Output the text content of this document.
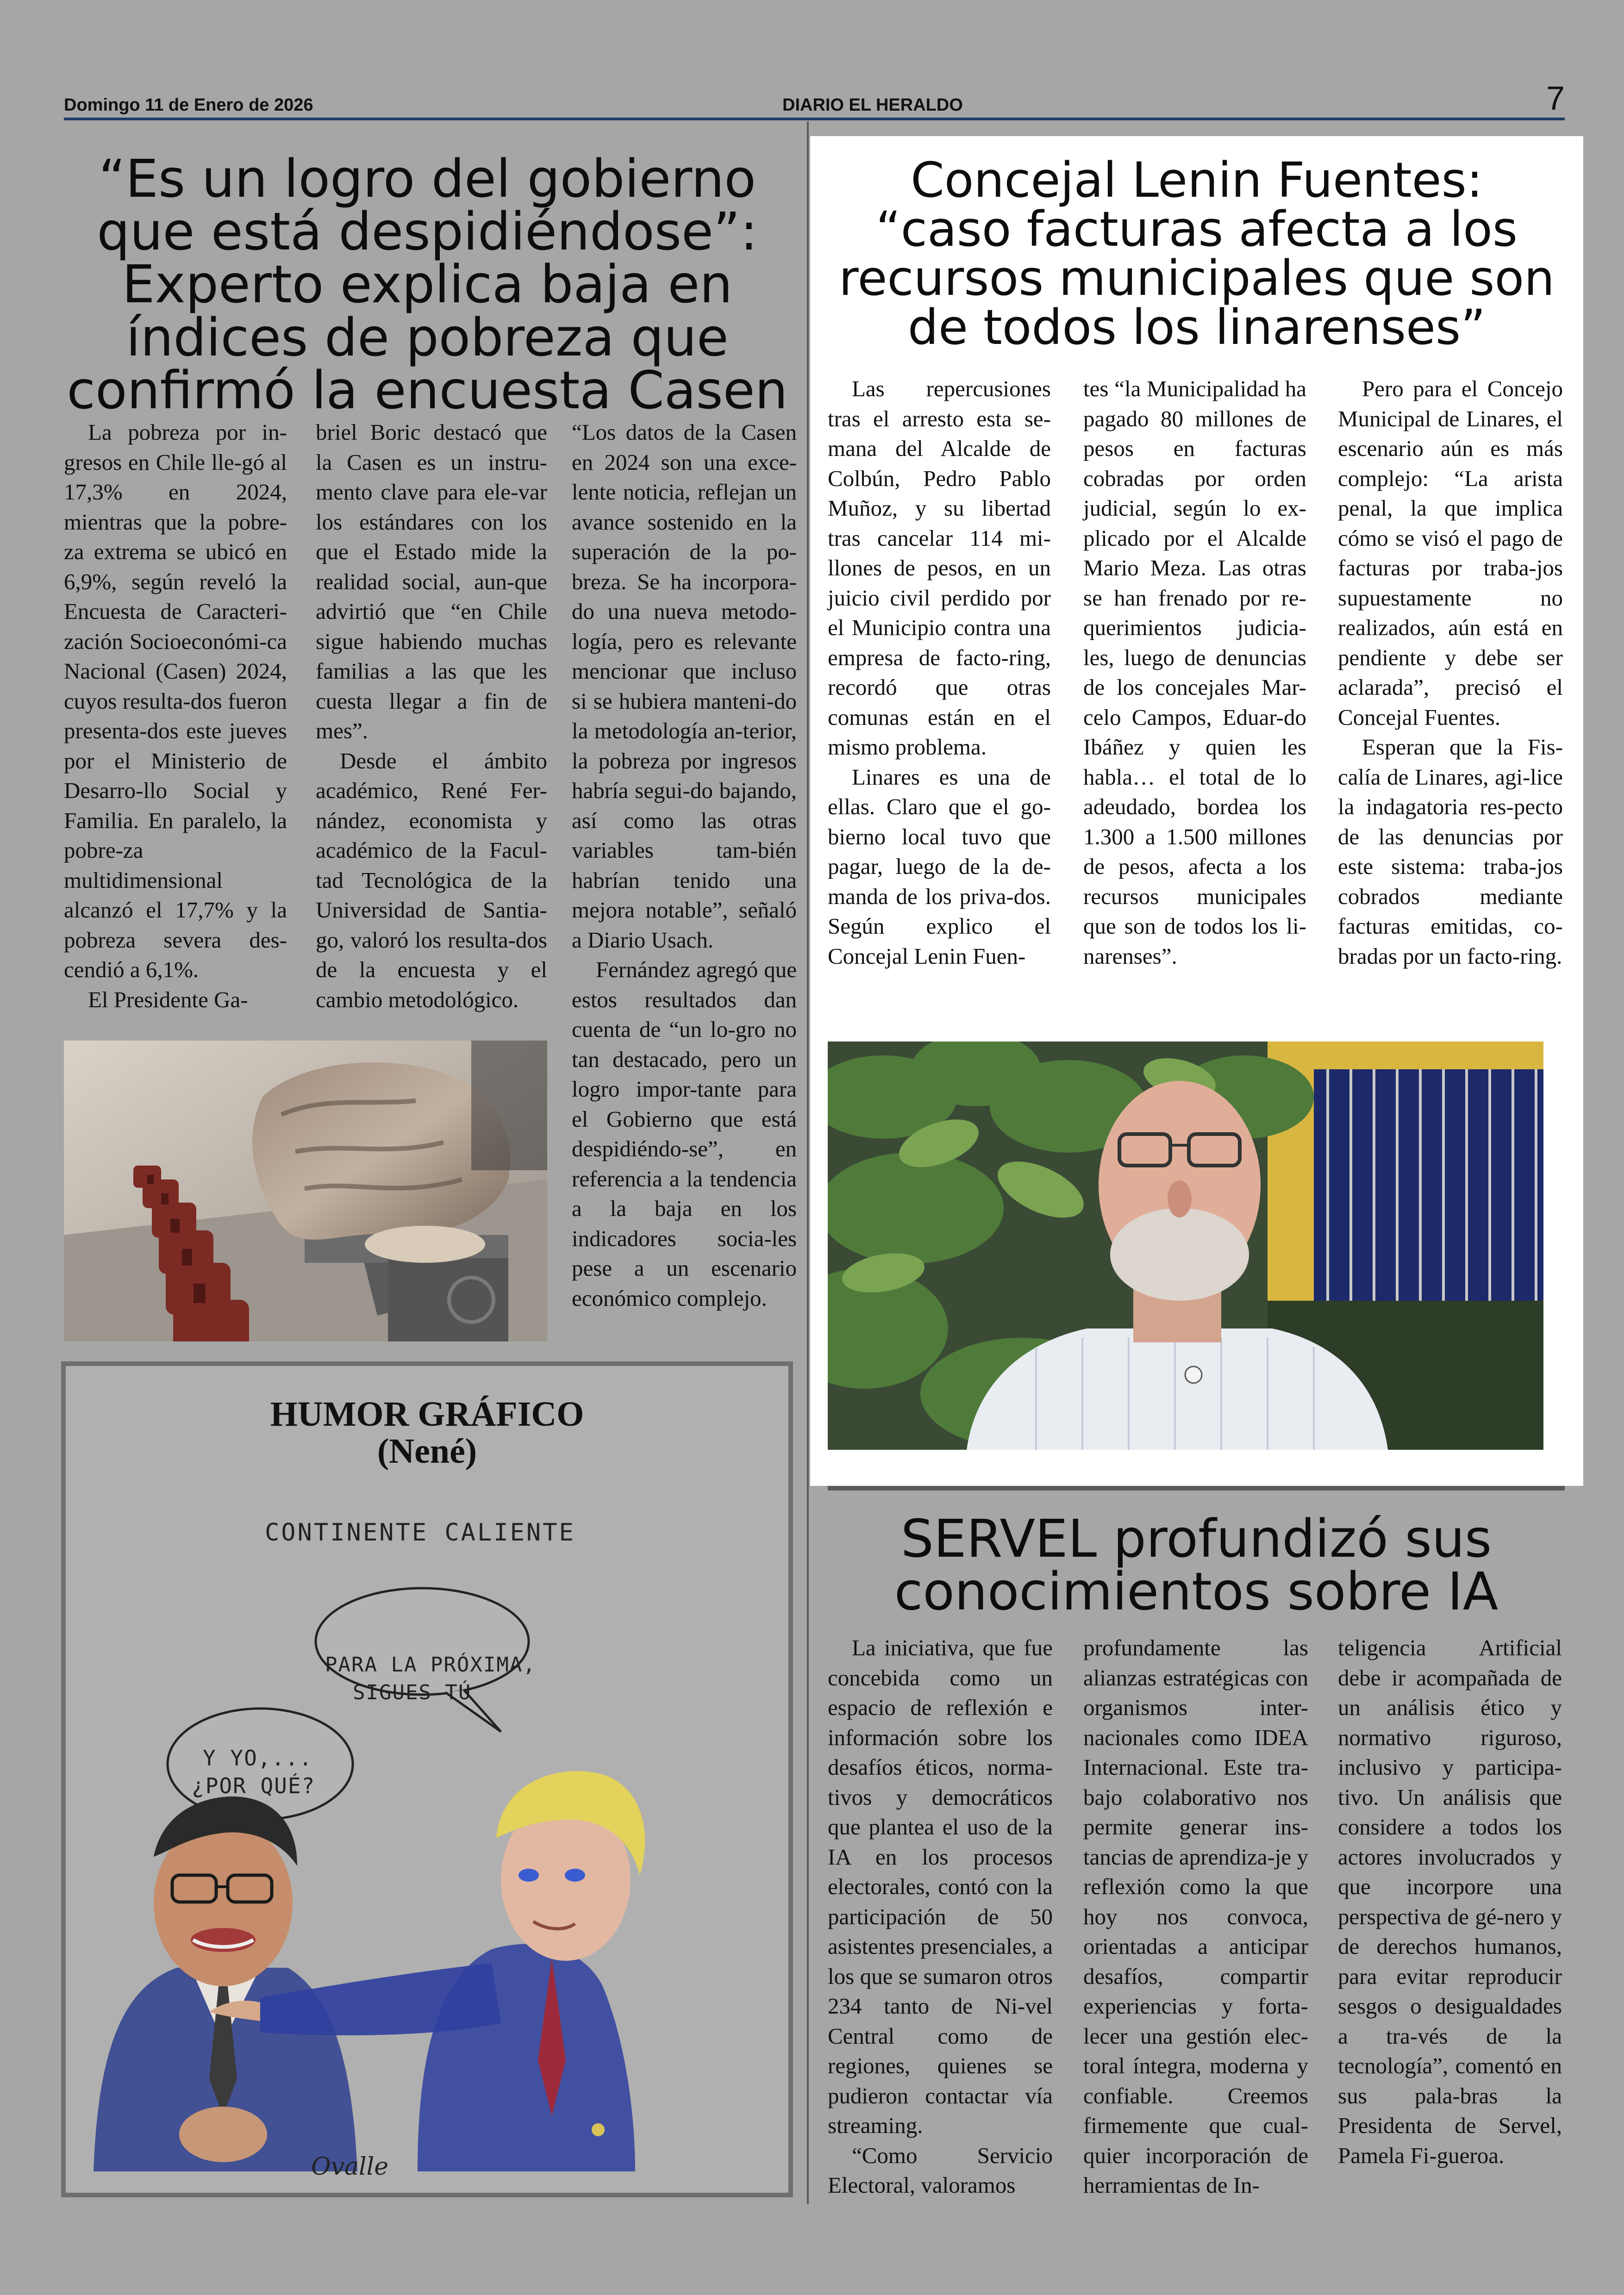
Domingo 11 de Enero de 2026	DIARIO EL HERALDO	7
“Es un logro del gobierno que está despidiéndose”: Experto explica baja en índices de pobreza que confirmó la encuesta Casen

La pobreza por in-gresos en Chile lle-gó al 17,3% en 2024, mientras que la pobre-za extrema se ubicó en 6,9%, según reveló la Encuesta de Caracteri-zación Socioeconómi-ca Nacional (Casen) 2024, cuyos resulta-dos fueron presenta-dos este jueves por el Ministerio de Desarro-llo Social y Familia. En paralelo, la pobre-za multidimensional alcanzó el 17,7% y la pobreza severa des-cendió a 6,1%.

El Presidente Ga-

briel Boric destacó que la Casen es un instru-mento clave para ele-var los estándares con los que el Estado mide la realidad social, aun-que advirtió que “en Chile sigue habiendo muchas familias a las que les cuesta llegar a fin de mes”.

Desde el ámbito académico, René Fer-nández, economista y académico de la Facul-tad Tecnológica de la Universidad de Santia-go, valoró los resulta-dos de la encuesta y el cambio metodológico.

“Los datos de la Casen en 2024 son una exce-lente noticia, reflejan un avance sostenido en la superación de la po-breza. Se ha incorpora-do una nueva metodo-logía, pero es relevante mencionar que incluso si se hubiera manteni-do la metodología an-terior, la pobreza por ingresos habría segui-do bajando, así como las otras variables tam-bién habrían tenido una mejora notable”, señaló a Diario Usach.

Fernández agregó que estos resultados dan cuenta de “un lo-gro no tan destacado, pero un logro impor-tante para el Gobierno que está despidiéndo-se”, en referencia a la tendencia a la baja en los indicadores socia-les pese a un escenario económico complejo.

HUMOR GRÁFICO
(Nené)
CONTINENTE CALIENTE
PARA LA PRÓXIMA,
SIGUES TÚ
Y YO,...
¿POR QUÉ?
Ovalle
Concejal Lenin Fuentes: “caso facturas afecta a los recursos municipales que son de todos los linarenses”

Las repercusiones tras el arresto esta se-mana del Alcalde de Colbún, Pedro Pablo Muñoz, y su libertad tras cancelar 114 mi-llones de pesos, en un juicio civil perdido por el Municipio contra una empresa de facto-ring, recordó que otras comunas están en el mismo problema.

Linares es una de ellas. Claro que el go-bierno local tuvo que pagar, luego de la de-manda de los priva-dos. Según explico el Concejal Lenin Fuen-

tes “la Municipalidad ha pagado 80 millones de pesos en facturas cobradas por orden judicial, según lo ex-plicado por el Alcalde Mario Meza. Las otras se han frenado por re-querimientos judicia-les, luego de denuncias de los concejales Mar-celo Campos, Eduar-do Ibáñez y quien les habla… el total de lo adeudado, bordea los 1.300 a 1.500 millones de pesos, afecta a los recursos municipales que son de todos los li-narenses”.

Pero para el Concejo Municipal de Linares, el escenario aún es más complejo: “La arista penal, la que implica cómo se visó el pago de facturas por traba-jos supuestamente no realizados, aún está en pendiente y debe ser aclarada”, precisó el Concejal Fuentes.

Esperan que la Fis-calía de Linares, agi-lice la indagatoria res-pecto de las denuncias por este sistema: traba-jos cobrados mediante facturas emitidas, co-bradas por un facto-ring.

SERVEL profundizó sus conocimientos sobre IA

La iniciativa, que fue concebida como un espacio de reflexión e información sobre los desafíos éticos, norma-tivos y democráticos que plantea el uso de la IA en los procesos electorales, contó con la participación de 50 asistentes presenciales, a los que se sumaron otros 234 tanto de Ni-vel Central como de regiones, quienes se pudieron contactar vía streaming.

“Como Servicio Electoral, valoramos

profundamente las alianzas estratégicas con organismos inter-nacionales como IDEA Internacional. Este tra-bajo colaborativo nos permite generar ins-tancias de aprendiza-je y reflexión como la que hoy nos convoca, orientadas a anticipar desafíos, compartir experiencias y forta-lecer una gestión elec-toral íntegra, moderna y confiable. Creemos firmemente que cual-quier incorporación de herramientas de In-

teligencia Artificial debe ir acompañada de un análisis ético y normativo riguroso, inclusivo y participa-tivo. Un análisis que considere a todos los actores involucrados y que incorpore una perspectiva de gé-nero y de derechos humanos, para evitar reproducir sesgos o desigualdades a tra-vés de la tecnología”, comentó en sus pala-bras la Presidenta de Servel, Pamela Fi-gueroa.
